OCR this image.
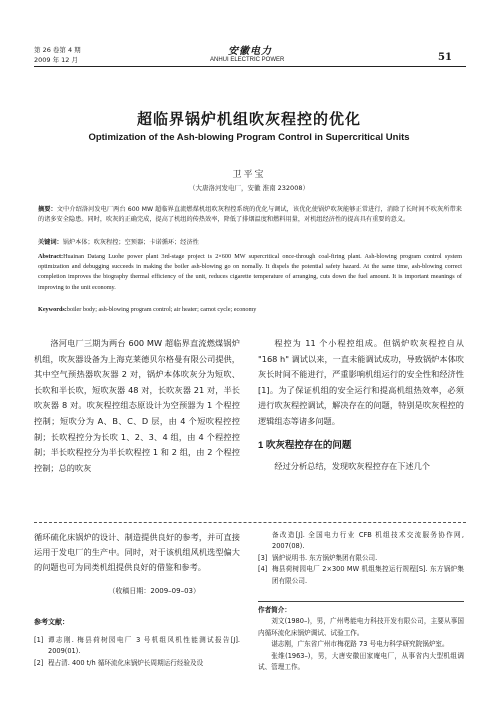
第 26 卷第 4 期
2009 年 12 月
安徽电力
ANHUI ELECTRIC POWER	51
超临界锅炉机组吹灰程控的优化
Optimization of the Ash-blowing Program Control in Supercritical Units
卫平宝
（大唐洛河发电厂，安徽 淮南 232008）
摘要：文中介绍洛河发电厂两台 600 MW 超临界直流燃煤机组吹灰程控系统的优化与调试，该优化使锅炉吹灰能够正常进行，消除了长时间不吹灰所带来的诸多安全隐患。同时，吹灰的正确完成，提高了机组的传热效率，降低了排烟温度和燃料用量，对机组经济性的提高具有重要的意义。
关键词：锅炉本体；吹灰程控；空预器；卡诺循环；经济性
Abstract:Huainan Datang Luohe power plant 3rd-stage project is 2×600 MW supercritical once-through coal-firing plant. Ash-blowing program control system optimization and debugging succeeds in making the boiler ash-blowing go on nomally. It dispels the potential safety hazard. At the same time, ash-blowing correct completion improves the biography thermal efficiency of the unit, reduces cigarette temperature of arranging, cuts down the fuel amount. It is important meanings of improving to the unit economy.
Keywords:boiler body; ash-blowing program control; air heater; carnot cycle; economy
洛河电厂三期为两台 600 MW 超临界直流燃煤锅炉机组，吹灰器设备为上海克莱德贝尔格曼有限公司提供，其中空气预热器吹灰器 2 对，锅炉本体吹灰分为短吹、长吹和半长吹，短吹灰器 48 对，长吹灰器 21 对，半长吹灰器 8 对。吹灰程控组态原设计为空预器为 1 个程控控制；短吹分为 A、B、C、D 层，由 4 个短吹程控控制；长吹程控分为长吹 1、2、3、4 组，由 4 个程控控制；半长吹程控分为半长吹程控 1 和 2 组，由 2 个程控控制；总的吹灰
程控为 11 个小程控组成。但锅炉吹灰程控自从 "168 h" 调试以来，一直未能调试成功，导致锅炉本体吹灰长时间不能进行，严重影响机组运行的安全性和经济性[1]。为了保证机组的安全运行和提高机组热效率，必须进行吹灰程控调试，解决存在的问题，特别是吹灰程控的逻辑组态等诸多问题。
1 吹灰程控存在的问题
经过分析总结，发现吹灰程控存在下述几个
循环硫化床锅炉的设计、制造提供良好的参考，并可直接运用于发电厂的生产中。同时，对于该机组风机选型偏大的问题也可为同类机组提供良好的借鉴和参考。
（收稿日期：2009–09–03）
参考文献：
[1] 谭志刚. 梅县荷树园电厂 3 号机组风机性能测试报告[J]. 2009(01).
[2] 程占清. 400 t/h 循环流化床锅炉长周期运行经验及设
备改造[J]. 全国电力行业 CFB 机组技术交流服务协作网, 2007(08).
[3] 锅炉说明书. 东方锅炉集团有限公司.
[4] 梅县荷树园电厂 2×300 MW 机组集控运行规程[S]. 东方锅炉集团有限公司.
作者简介：
刘文(1980–)，男，广州粤能电力科技开发有限公司，主要从事国内循环流化床锅炉调试、试验工作。
谌志刚，广东省广州市梅花路 73 号电力科学研究院锅炉室。
张维(1963–)，男，大唐安徽田家庵电厂，从事省内大型机组调试、管理工作。
